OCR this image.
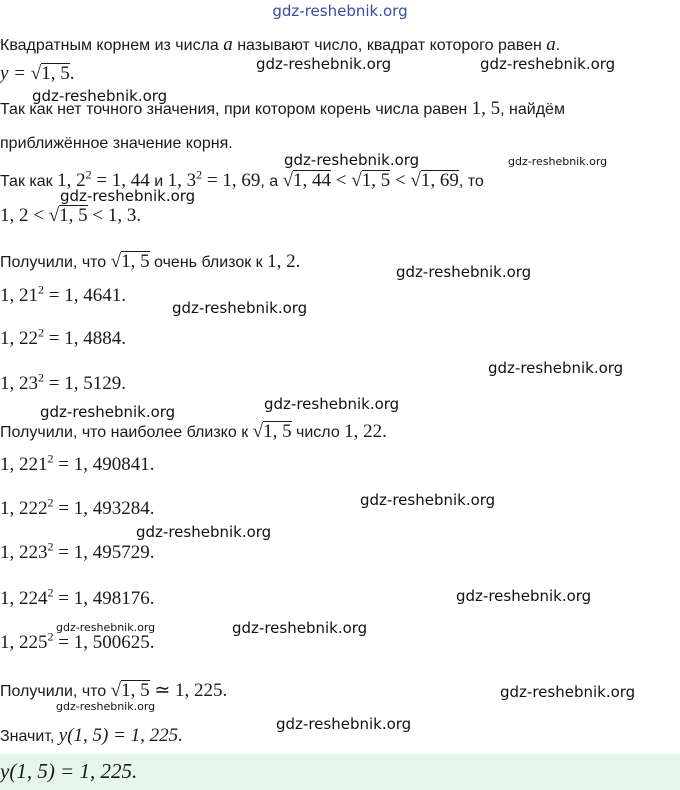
gdz-reshebnik.org
Квадратным корнем из числа a называют число, квадрат которого равен a.
y = √1, 5.
Так как нет точного значения, при котором корень числа равен 1, 5, найдём
приближённое значение корня.
Так как 1, $2^2 = 1$, 44 и 1, $3^2 = 1$, 69, а √1, 44 < √1, 5 < √1, 69, то
1, 2 < √1, 5 < 1, 3.
Получили, что √1, 5 очень близок к 1, 2.
1, $21^2 = 1$, 4641.
1, $22^2 = 1$, 4884.
1, $23^2 = 1$, 5129.
Получили, что наиболее близко к √1, 5 число 1, 22.
1, $221^2 = 1$, 490841.
1, $222^2 = 1$, 493284.
1, $223^2 = 1$, 495729.
1, $224^2 = 1$, 498176.
1, $225^2 = 1$, 500625.
Получили, что √1, 5 ≃ 1, 225.
Значит, y(1, 5) = 1, 225.
y(1, 5) = 1, 225.
gdz-reshebnik.org	gdz-reshebnik.org
gdz-reshebnik.org
gdz-reshebnik.org	gdz-reshebnik.org
gdz-reshebnik.org
gdz-reshebnik.org
gdz-reshebnik.org
gdz-reshebnik.org
gdz-reshebnik.org
gdz-reshebnik.org
gdz-reshebnik.org
gdz-reshebnik.org
gdz-reshebnik.org
gdz-reshebnik.org	gdz-reshebnik.org
gdz-reshebnik.org
gdz-reshebnik.org
gdz-reshebnik.org
